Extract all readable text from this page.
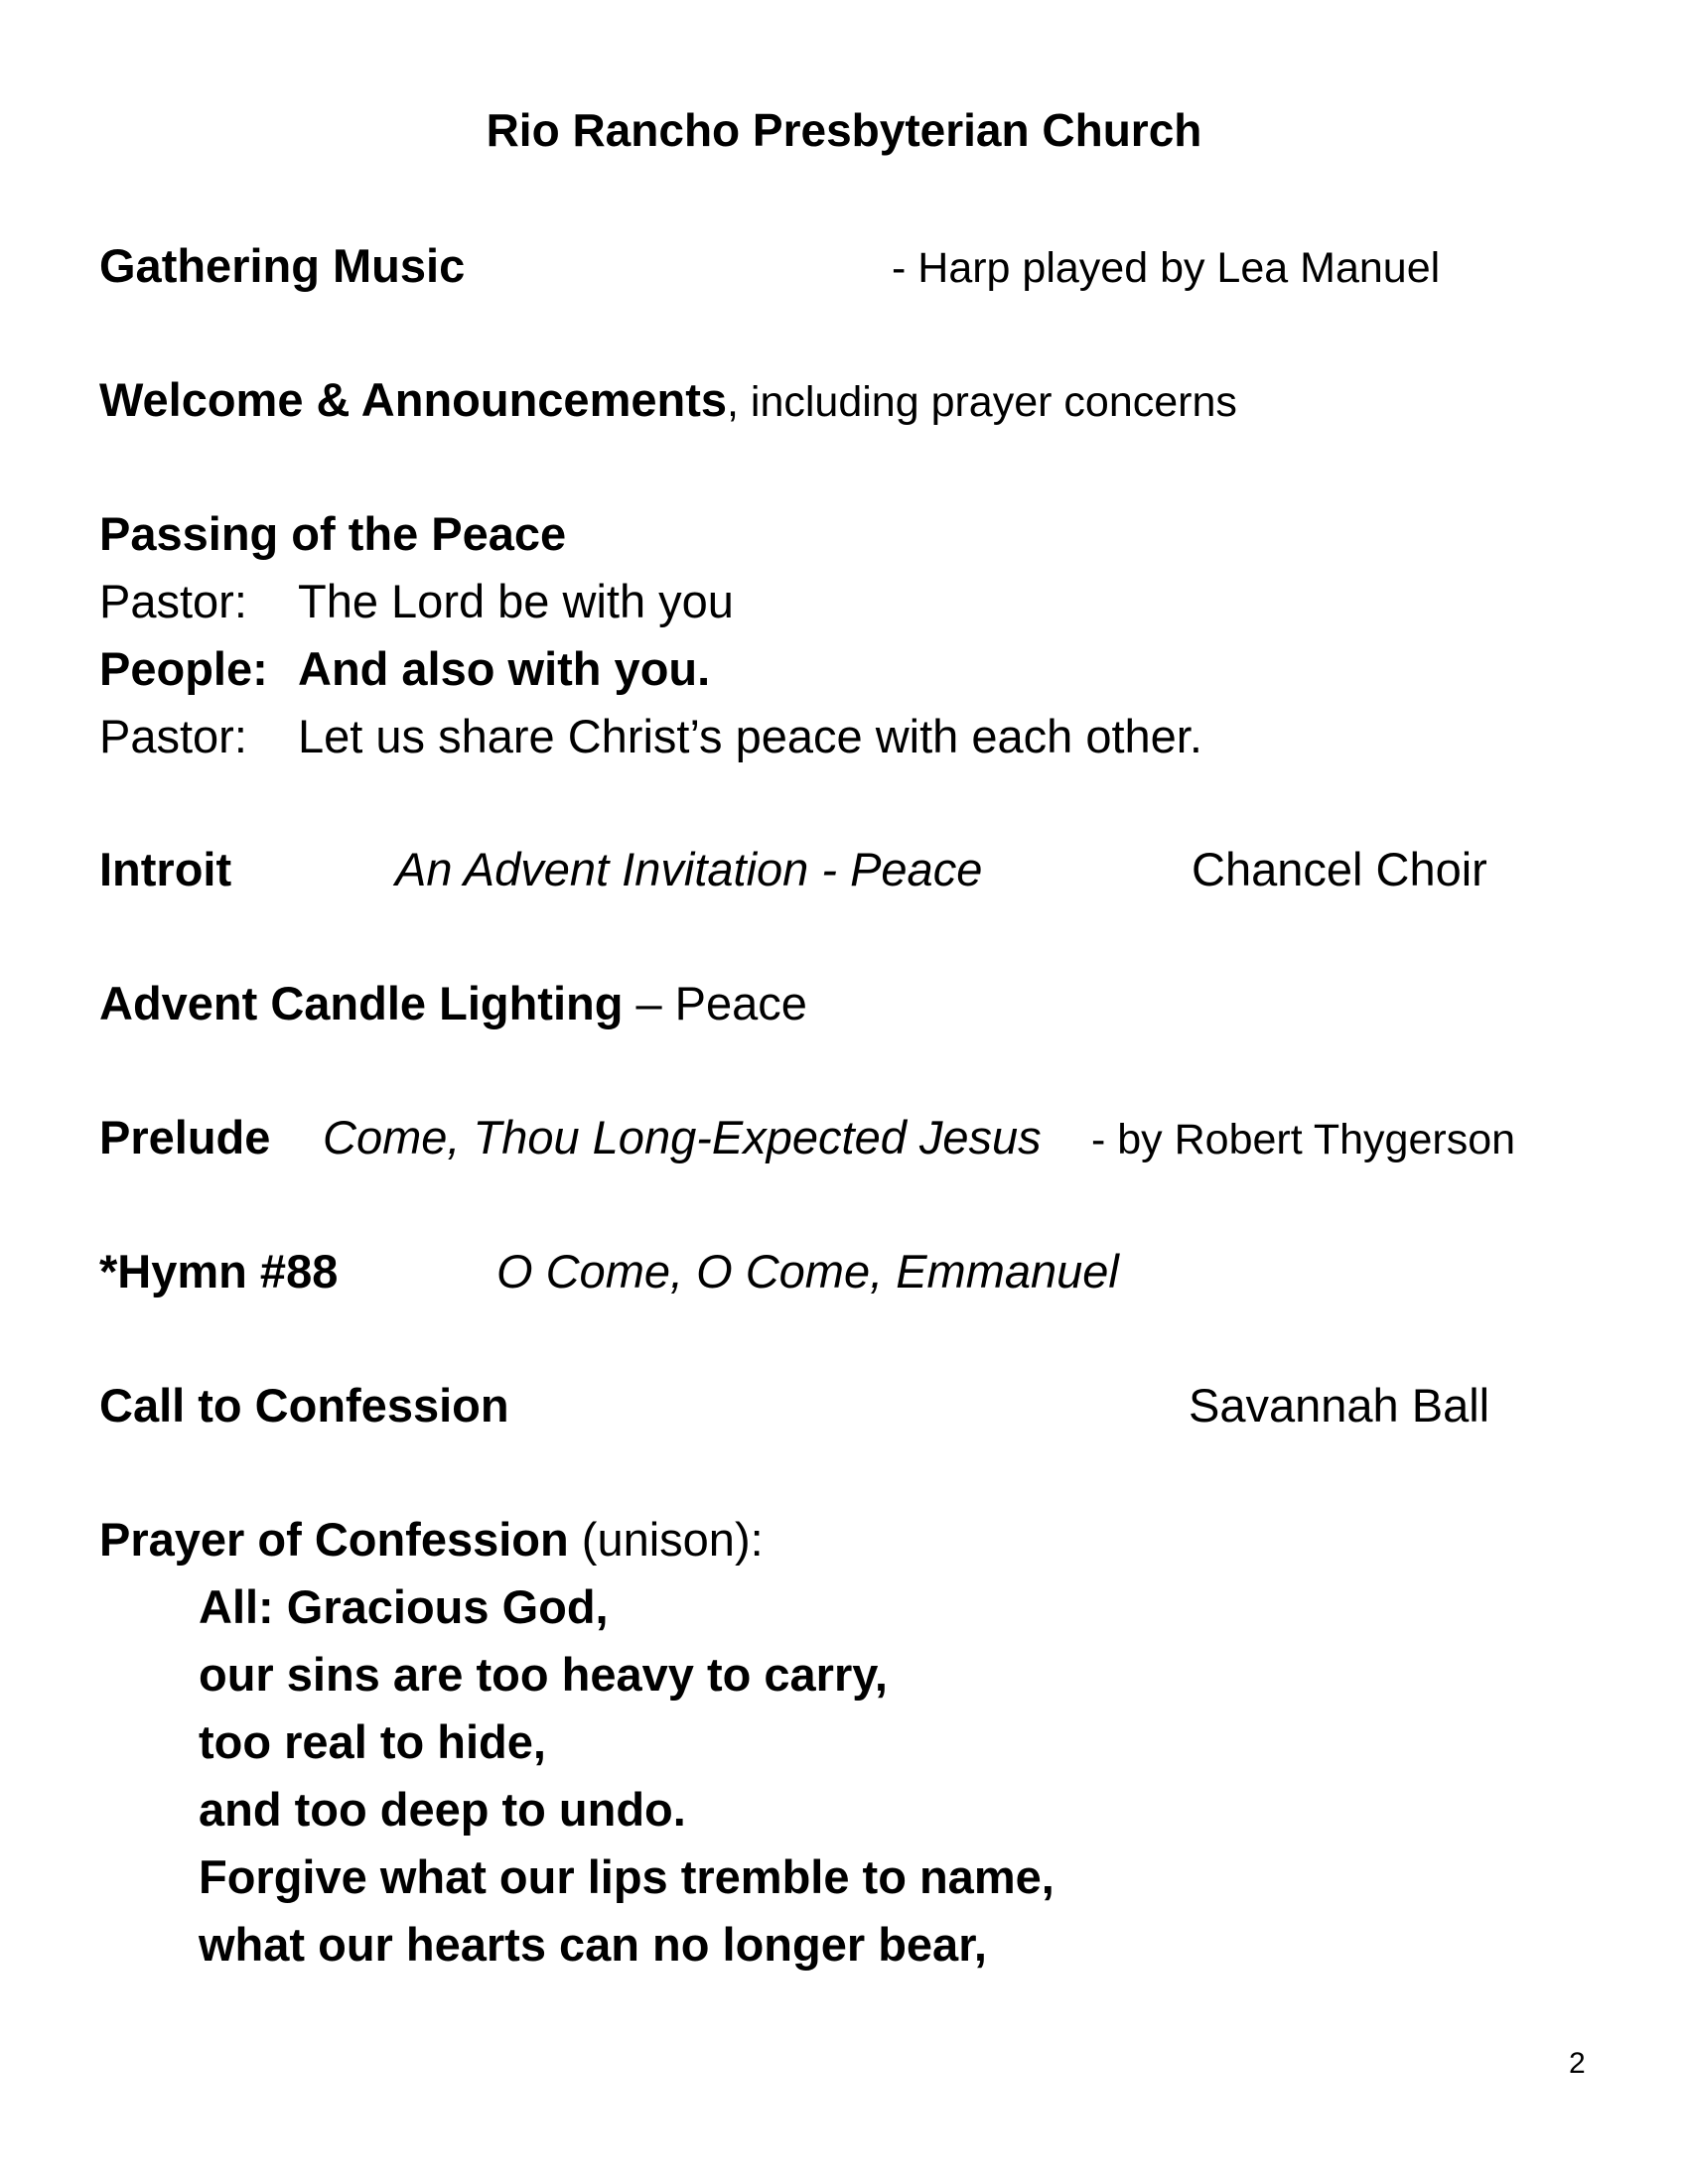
Rio Rancho Presbyterian Church
Gathering Music	- Harp played by Lea Manuel
Welcome & Announcements, including prayer concerns
Passing of the Peace
Pastor: The Lord be with you
People: And also with you.
Pastor: Let us share Christ’s peace with each other.
Introit	An Advent Invitation - Peace	Chancel Choir
Advent Candle Lighting – Peace
Prelude Come, Thou Long-Expected Jesus - by Robert Thygerson
*Hymn #88	O Come, O Come, Emmanuel
Call to Confession	Savannah Ball
Prayer of Confession (unison):
All: Gracious God,
our sins are too heavy to carry,
too real to hide,
and too deep to undo.
Forgive what our lips tremble to name,
what our hearts can no longer bear,
2
